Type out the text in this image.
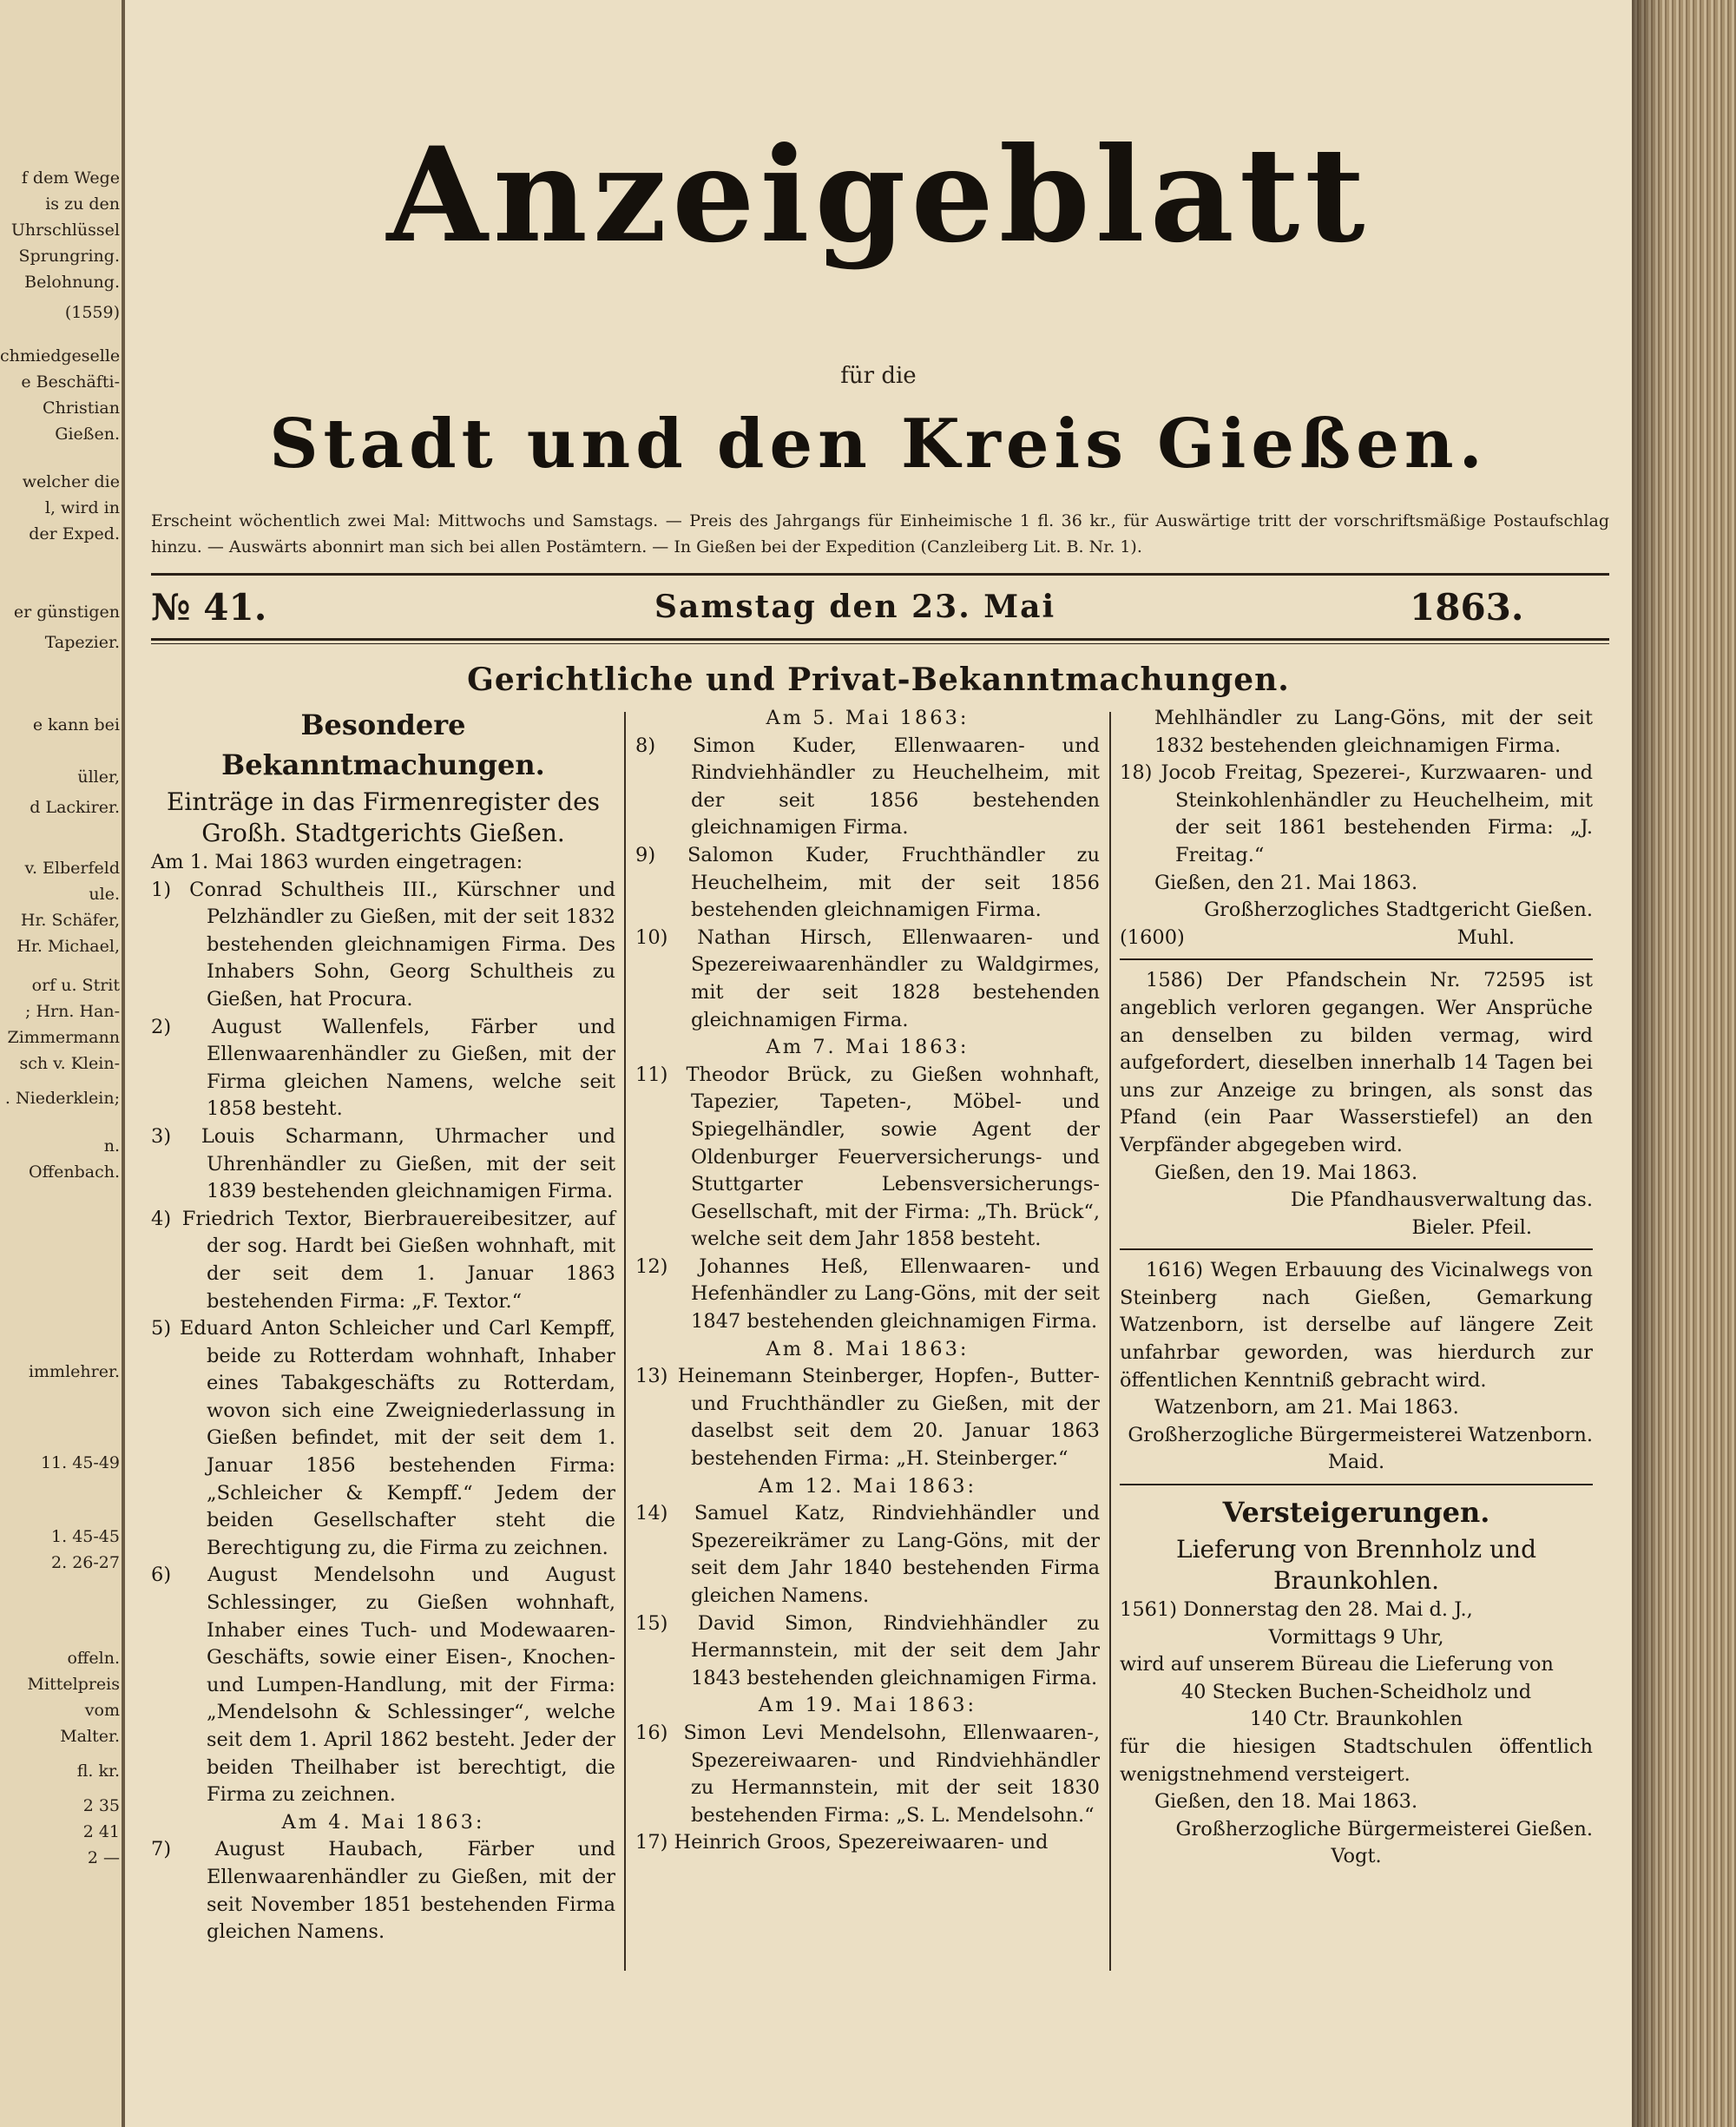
f dem Wege
is zu den
Uhrschlüssel
Sprungring.
Belohnung.
(1559)
chmiedgeselle
e Beschäfti-
Christian
Gießen.
welcher die
l, wird in
der Exped.
er günstigen
Tapezier.
e kann bei
üller,
d Lackirer.
v. Elberfeld
ule.
Hr. Schäfer,
Hr. Michael,
orf u. Strit
; Hrn. Han-
Zimmermann
sch v. Klein-
. Niederklein;
n.
Offenbach.
immlehrer.
11. 45-49
1. 45-45
2. 26-27
offeln.
Mittelpreis
vom
Malter.
fl. kr.
2 35
2 41
2 —
Anzeigeblatt
für die
Stadt und den Kreis Gießen.
Erscheint wöchentlich zwei Mal: Mittwochs und Samstags. — Preis des Jahrgangs für Einheimische 1 fl. 36 kr., für Auswärtige tritt der vorschriftsmäßige Postaufschlag hinzu. — Auswärts abonnirt man sich bei allen Postämtern. — In Gießen bei der Expedition (Canzleiberg Lit. B. Nr. 1).
№ 41.	Samstag den 23. Mai	1863.
Gerichtliche und Privat-Bekanntmachungen.

Besondere Bekanntmachungen.

Einträge in das Firmenregister des Großh. Stadtgerichts Gießen.

Am 1. Mai 1863 wurden eingetragen:

1) Conrad Schultheis III., Kürschner und Pelzhändler zu Gießen, mit der seit 1832 bestehenden gleichnamigen Firma. Des Inhabers Sohn, Georg Schultheis zu Gießen, hat Procura.

2) August Wallenfels, Färber und Ellenwaarenhändler zu Gießen, mit der Firma gleichen Namens, welche seit 1858 besteht.

3) Louis Scharmann, Uhrmacher und Uhrenhändler zu Gießen, mit der seit 1839 bestehenden gleichnamigen Firma.

4) Friedrich Textor, Bierbrauereibesitzer, auf der sog. Hardt bei Gießen wohnhaft, mit der seit dem 1. Januar 1863 bestehenden Firma: „F. Textor.“

5) Eduard Anton Schleicher und Carl Kempff, beide zu Rotterdam wohnhaft, Inhaber eines Tabakgeschäfts zu Rotterdam, wovon sich eine Zweigniederlassung in Gießen befindet, mit der seit dem 1. Januar 1856 bestehenden Firma: „Schleicher & Kempff.“ Jedem der beiden Gesellschafter steht die Berechtigung zu, die Firma zu zeichnen.

6) August Mendelsohn und August Schlessinger, zu Gießen wohnhaft, Inhaber eines Tuch- und Modewaaren-Geschäfts, sowie einer Eisen-, Knochen- und Lumpen-Handlung, mit der Firma: „Mendelsohn & Schlessinger“, welche seit dem 1. April 1862 besteht. Jeder der beiden Theilhaber ist berechtigt, die Firma zu zeichnen.

Am 4. Mai 1863:

7) August Haubach, Färber und Ellenwaarenhändler zu Gießen, mit der seit November 1851 bestehenden Firma gleichen Namens.

Am 5. Mai 1863:

8) Simon Kuder, Ellenwaaren- und Rindviehhändler zu Heuchelheim, mit der seit 1856 bestehenden gleichnamigen Firma.

9) Salomon Kuder, Fruchthändler zu Heuchelheim, mit der seit 1856 bestehenden gleichnamigen Firma.

10) Nathan Hirsch, Ellenwaaren- und Spezereiwaarenhändler zu Waldgirmes, mit der seit 1828 bestehenden gleichnamigen Firma.

Am 7. Mai 1863:

11) Theodor Brück, zu Gießen wohnhaft, Tapezier, Tapeten-, Möbel- und Spiegelhändler, sowie Agent der Oldenburger Feuerversicherungs- und Stuttgarter Lebensversicherungs-Gesellschaft, mit der Firma: „Th. Brück“, welche seit dem Jahr 1858 besteht.

12) Johannes Heß, Ellenwaaren- und Hefenhändler zu Lang-Göns, mit der seit 1847 bestehenden gleichnamigen Firma.

Am 8. Mai 1863:

13) Heinemann Steinberger, Hopfen-, Butter- und Fruchthändler zu Gießen, mit der daselbst seit dem 20. Januar 1863 bestehenden Firma: „H. Steinberger.“

Am 12. Mai 1863:

14) Samuel Katz, Rindviehhändler und Spezereikrämer zu Lang-Göns, mit der seit dem Jahr 1840 bestehenden Firma gleichen Namens.

15) David Simon, Rindviehhändler zu Hermannstein, mit der seit dem Jahr 1843 bestehenden gleichnamigen Firma.

Am 19. Mai 1863:

16) Simon Levi Mendelsohn, Ellenwaaren-, Spezereiwaaren- und Rindviehhändler zu Hermannstein, mit der seit 1830 bestehenden Firma: „S. L. Mendelsohn.“

17) Heinrich Groos, Spezereiwaaren- und

Mehlhändler zu Lang-Göns, mit der seit 1832 bestehenden gleichnamigen Firma.

18) Jocob Freitag, Spezerei-, Kurzwaaren- und Steinkohlenhändler zu Heuchelheim, mit der seit 1861 bestehenden Firma: „J. Freitag.“

Gießen, den 21. Mai 1863.

Großherzogliches Stadtgericht Gießen.

(1600)	Muhl.

1586) Der Pfandschein Nr. 72595 ist angeblich verloren gegangen. Wer Ansprüche an denselben zu bilden vermag, wird aufgefordert, dieselben innerhalb 14 Tagen bei uns zur Anzeige zu bringen, als sonst das Pfand (ein Paar Wasserstiefel) an den Verpfänder abgegeben wird.

Gießen, den 19. Mai 1863.

Die Pfandhausverwaltung das.

Bieler. Pfeil.

1616) Wegen Erbauung des Vicinalwegs von Steinberg nach Gießen, Gemarkung Watzenborn, ist derselbe auf längere Zeit unfahrbar geworden, was hierdurch zur öffentlichen Kenntniß gebracht wird.

Watzenborn, am 21. Mai 1863.

Großherzogliche Bürgermeisterei Watzenborn.

Maid.

Versteigerungen.

Lieferung von Brennholz und Braunkohlen.

1561) Donnerstag den 28. Mai d. J.,

Vormittags 9 Uhr,

wird auf unserem Büreau die Lieferung von

40 Stecken Buchen-Scheidholz und

140 Ctr. Braunkohlen

für die hiesigen Stadtschulen öffentlich wenigstnehmend versteigert.

Gießen, den 18. Mai 1863.

Großherzogliche Bürgermeisterei Gießen.

Vogt.
